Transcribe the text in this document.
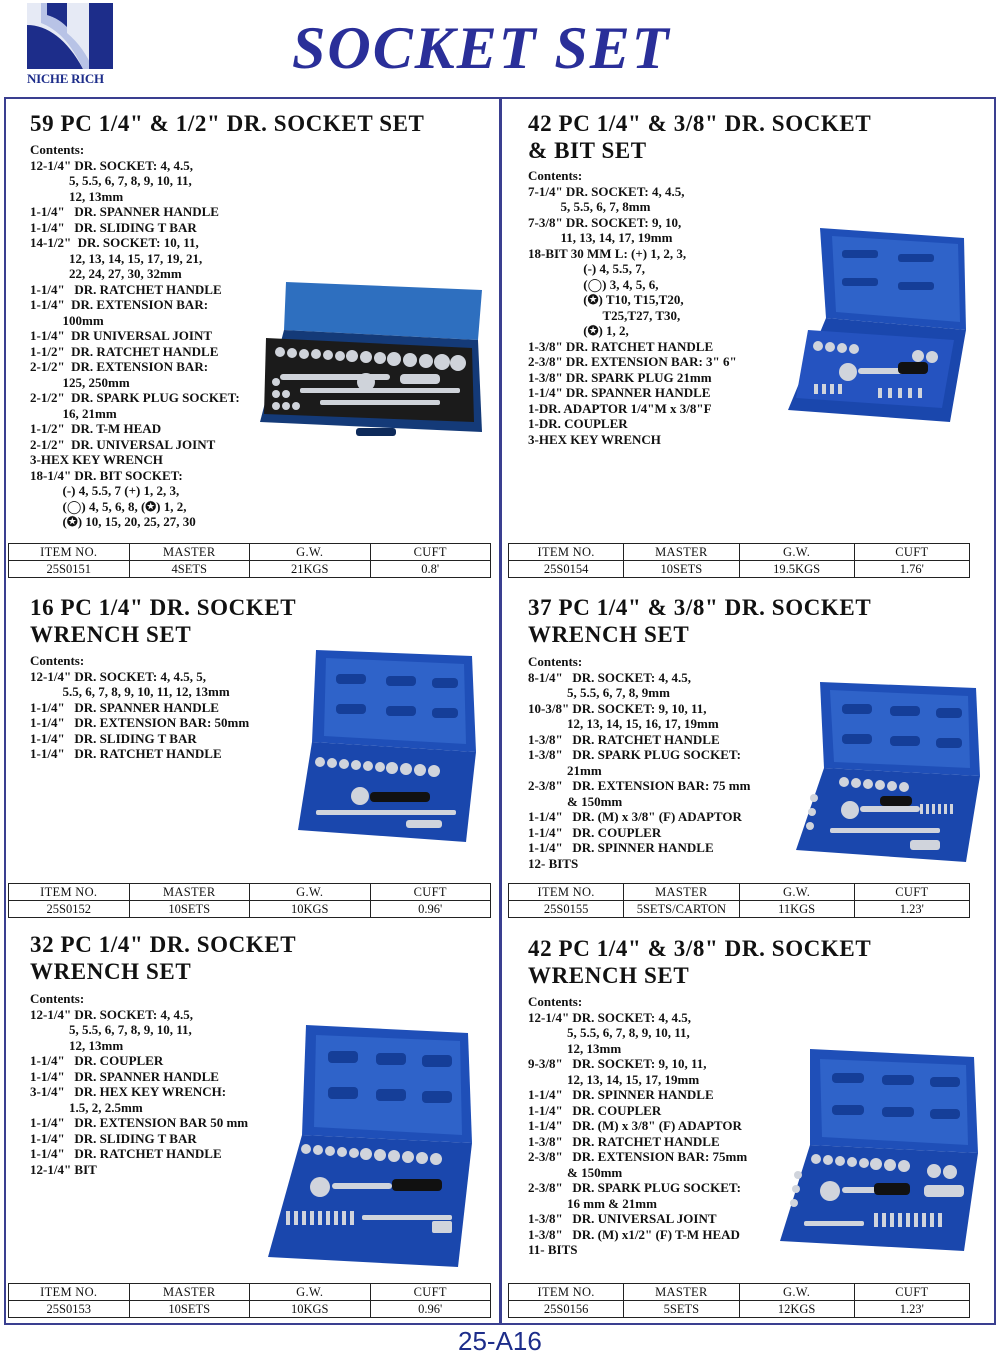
NICHE RICH	SOCKET SET
59 PC 1/4" & 1/2" DR. SOCKET SET
Contents:
12-1/4" DR. SOCKET: 4, 4.5,
5, 5.5, 6, 7, 8, 9, 10, 11,
12, 13mm
1-1/4"   DR. SPANNER HANDLE
1-1/4"   DR. SLIDING T BAR
14-1/2"  DR. SOCKET: 10, 11,
12, 13, 14, 15, 17, 19, 21,
22, 24, 27, 30, 32mm
1-1/4"   DR. RATCHET HANDLE
1-1/4"  DR. EXTENSION BAR:
100mm
1-1/4"  DR UNIVERSAL JOINT
1-1/2"  DR. RATCHET HANDLE
2-1/2"  DR. EXTENSION BAR:
125, 250mm
2-1/2"  DR. SPARK PLUG SOCKET:
16, 21mm
1-1/2"  DR. T-M HEAD
2-1/2"  DR. UNIVERSAL JOINT
3-HEX KEY WRENCH
18-1/4" DR. BIT SOCKET:
(-) 4, 5.5, 7 (+) 1, 2, 3,
(◯) 4, 5, 6, 8, (✪) 1, 2,
(✪) 10, 15, 20, 25, 27, 30
ITEM NO.	MASTER	G.W.	CUFT
25S0151	4SETS	21KGS	0.8'
42 PC 1/4" & 3/8" DR. SOCKET
& BIT SET
Contents:
7-1/4" DR. SOCKET: 4, 4.5,
5, 5.5, 6, 7, 8mm
7-3/8" DR. SOCKET: 9, 10,
11, 13, 14, 17, 19mm
18-BIT 30 MM L: (+) 1, 2, 3,
(-) 4, 5.5, 7,
(◯) 3, 4, 5, 6,
(✪) T10, T15,T20,
T25,T27, T30,
(✪) 1, 2,
1-3/8" DR. RATCHET HANDLE
2-3/8" DR. EXTENSION BAR: 3" 6"
1-3/8" DR. SPARK PLUG 21mm
1-1/4" DR. SPANNER HANDLE
1-DR. ADAPTOR 1/4"M x 3/8"F
1-DR. COUPLER
3-HEX KEY WRENCH
ITEM NO.	MASTER	G.W.	CUFT
25S0154	10SETS	19.5KGS	1.76'
16 PC 1/4" DR. SOCKET
WRENCH SET
Contents:
12-1/4" DR. SOCKET: 4, 4.5, 5,
5.5, 6, 7, 8, 9, 10, 11, 12, 13mm
1-1/4"   DR. SPANNER HANDLE
1-1/4"   DR. EXTENSION BAR: 50mm
1-1/4"   DR. SLIDING T BAR
1-1/4"   DR. RATCHET HANDLE
ITEM NO.	MASTER	G.W.	CUFT
25S0152	10SETS	10KGS	0.96'
37 PC 1/4" & 3/8" DR. SOCKET
WRENCH SET
Contents:
8-1/4"   DR. SOCKET: 4, 4.5,
5, 5.5, 6, 7, 8, 9mm
10-3/8" DR. SOCKET: 9, 10, 11,
12, 13, 14, 15, 16, 17, 19mm
1-3/8"   DR. RATCHET HANDLE
1-3/8"   DR. SPARK PLUG SOCKET:
21mm
2-3/8"   DR. EXTENSION BAR: 75 mm
& 150mm
1-1/4"   DR. (M) x 3/8" (F) ADAPTOR
1-1/4"   DR. COUPLER
1-1/4"   DR. SPINNER HANDLE
12- BITS
ITEM NO.	MASTER	G.W.	CUFT
25S0155	5SETS/CARTON	11KGS	1.23'
32 PC 1/4" DR. SOCKET
WRENCH SET
Contents:
12-1/4" DR. SOCKET: 4, 4.5,
5, 5.5, 6, 7, 8, 9, 10, 11,
12, 13mm
1-1/4"   DR. COUPLER
1-1/4"   DR. SPANNER HANDLE
3-1/4"   DR. HEX KEY WRENCH:
1.5, 2, 2.5mm
1-1/4"   DR. EXTENSION BAR 50 mm
1-1/4"   DR. SLIDING T BAR
1-1/4"   DR. RATCHET HANDLE
12-1/4" BIT
ITEM NO.	MASTER	G.W.	CUFT
25S0153	10SETS	10KGS	0.96'
42 PC 1/4" & 3/8" DR. SOCKET
WRENCH SET
Contents:
12-1/4" DR. SOCKET: 4, 4.5,
5, 5.5, 6, 7, 8, 9, 10, 11,
12, 13mm
9-3/8"   DR. SOCKET: 9, 10, 11,
12, 13, 14, 15, 17, 19mm
1-1/4"   DR. SPINNER HANDLE
1-1/4"   DR. COUPLER
1-1/4"   DR. (M) x 3/8" (F) ADAPTOR
1-3/8"   DR. RATCHET HANDLE
2-3/8"   DR. EXTENSION BAR: 75mm
& 150mm
2-3/8"   DR. SPARK PLUG SOCKET:
16 mm & 21mm
1-3/8"   DR. UNIVERSAL JOINT
1-3/8"   DR. (M) x1/2" (F) T-M HEAD
11- BITS
ITEM NO.	MASTER	G.W.	CUFT
25S0156	5SETS	12KGS	1.23'
25-A16
